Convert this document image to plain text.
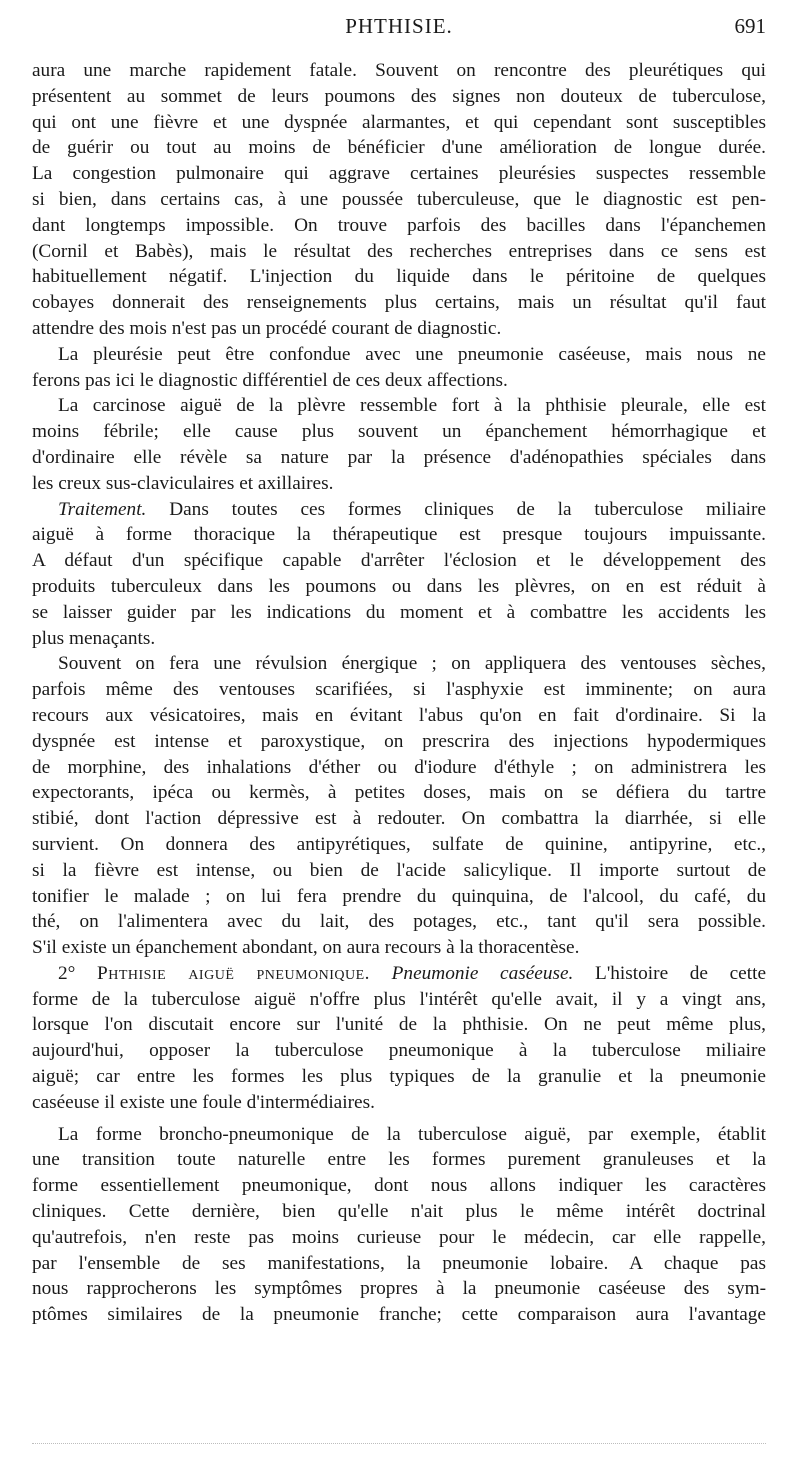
PHTHISIE.	691
aura une marche rapidement fatale. Souvent on rencontre des pleurétiques qui
présentent au sommet de leurs poumons des signes non douteux de tuberculose,
qui ont une fièvre et une dyspnée alarmantes, et qui cependant sont susceptibles
de guérir ou tout au moins de bénéficier d'une amélioration de longue durée.
La congestion pulmonaire qui aggrave certaines pleurésies suspectes ressemble
si bien, dans certains cas, à une poussée tuberculeuse, que le diagnostic est pen-
dant longtemps impossible. On trouve parfois des bacilles dans l'épanchemen
(Cornil et Babès), mais le résultat des recherches entreprises dans ce sens est
habituellement négatif. L'injection du liquide dans le péritoine de quelques
cobayes donnerait des renseignements plus certains, mais un résultat qu'il faut
attendre des mois n'est pas un procédé courant de diagnostic.
La pleurésie peut être confondue avec une pneumonie caséeuse, mais nous ne
ferons pas ici le diagnostic différentiel de ces deux affections.
La carcinose aiguë de la plèvre ressemble fort à la phthisie pleurale, elle est
moins fébrile; elle cause plus souvent un épanchement hémorrhagique et
d'ordinaire elle révèle sa nature par la présence d'adénopathies spéciales dans
les creux sus-claviculaires et axillaires.
Traitement. Dans toutes ces formes cliniques de la tuberculose miliaire
aiguë à forme thoracique la thérapeutique est presque toujours impuissante.
A défaut d'un spécifique capable d'arrêter l'éclosion et le développement des
produits tuberculeux dans les poumons ou dans les plèvres, on en est réduit à
se laisser guider par les indications du moment et à combattre les accidents les
plus menaçants.
Souvent on fera une révulsion énergique ; on appliquera des ventouses sèches,
parfois même des ventouses scarifiées, si l'asphyxie est imminente; on aura
recours aux vésicatoires, mais en évitant l'abus qu'on en fait d'ordinaire. Si la
dyspnée est intense et paroxystique, on prescrira des injections hypodermiques
de morphine, des inhalations d'éther ou d'iodure d'éthyle ; on administrera les
expectorants, ipéca ou kermès, à petites doses, mais on se défiera du tartre
stibié, dont l'action dépressive est à redouter. On combattra la diarrhée, si elle
survient. On donnera des antipyrétiques, sulfate de quinine, antipyrine, etc.,
si la fièvre est intense, ou bien de l'acide salicylique. Il importe surtout de
tonifier le malade ; on lui fera prendre du quinquina, de l'alcool, du café, du
thé, on l'alimentera avec du lait, des potages, etc., tant qu'il sera possible.
S'il existe un épanchement abondant, on aura recours à la thoracentèse.
2° Phthisie aiguë pneumonique. Pneumonie caséeuse. L'histoire de cette
forme de la tuberculose aiguë n'offre plus l'intérêt qu'elle avait, il y a vingt ans,
lorsque l'on discutait encore sur l'unité de la phthisie. On ne peut même plus,
aujourd'hui, opposer la tuberculose pneumonique à la tuberculose miliaire
aiguë; car entre les formes les plus typiques de la granulie et la pneumonie
caséeuse il existe une foule d'intermédiaires.
La forme broncho-pneumonique de la tuberculose aiguë, par exemple, établit
une transition toute naturelle entre les formes purement granuleuses et la
forme essentiellement pneumonique, dont nous allons indiquer les caractères
cliniques. Cette dernière, bien qu'elle n'ait plus le même intérêt doctrinal
qu'autrefois, n'en reste pas moins curieuse pour le médecin, car elle rappelle,
par l'ensemble de ses manifestations, la pneumonie lobaire. A chaque pas
nous rapprocherons les symptômes propres à la pneumonie caséeuse des sym-
ptômes similaires de la pneumonie franche; cette comparaison aura l'avantage
